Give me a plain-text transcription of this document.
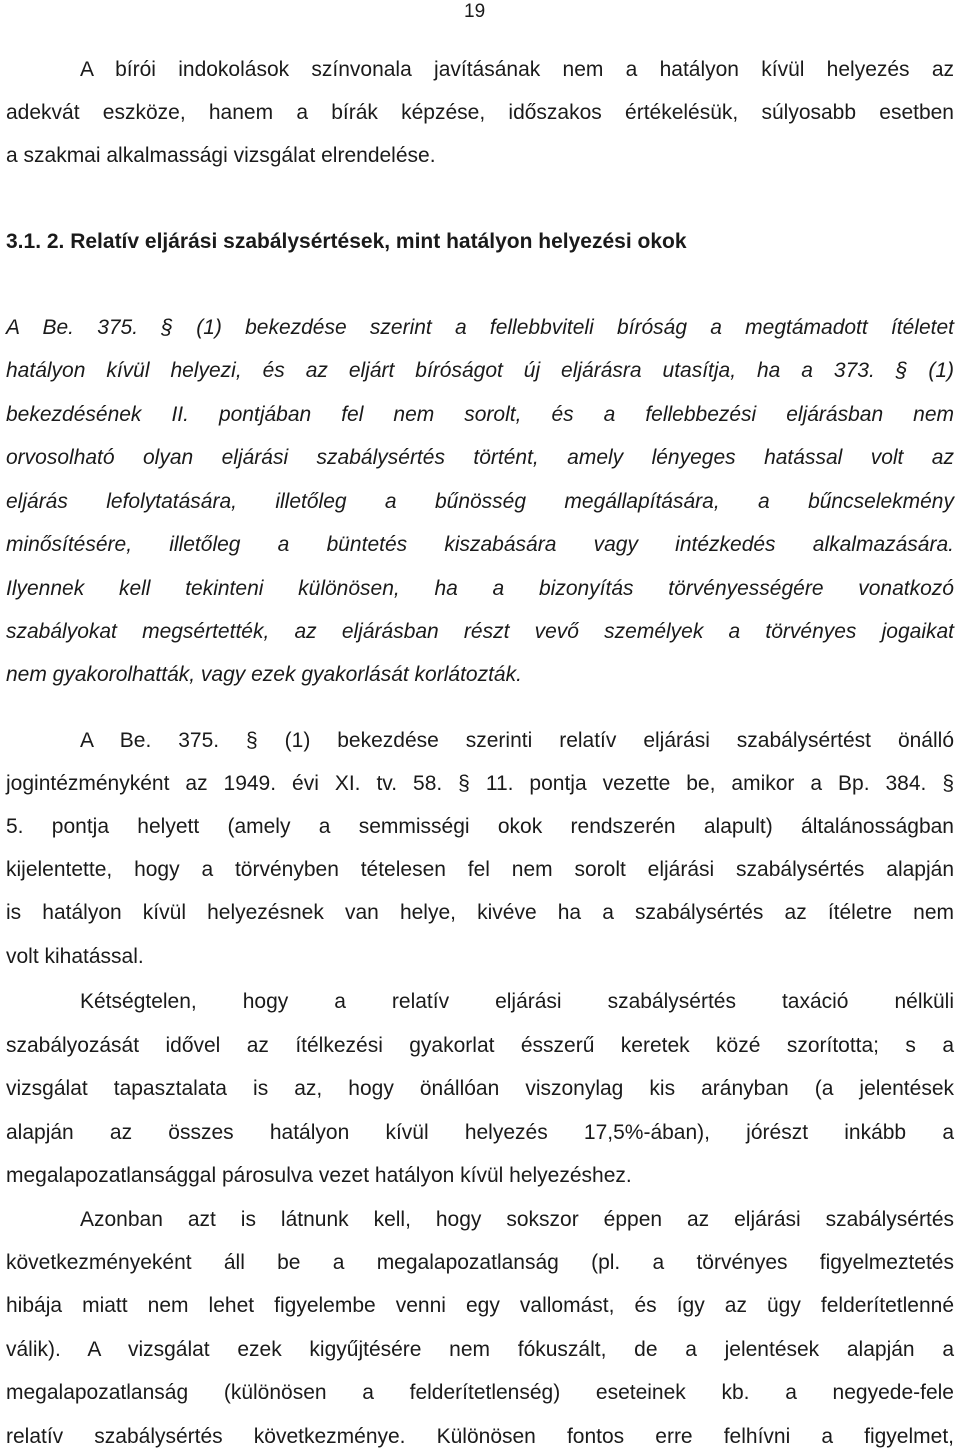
19
A bírói indokolások színvonala javításának nem a hatályon kívül helyezés az
adekvát eszköze, hanem a bírák képzése, időszakos értékelésük, súlyosabb esetben
a szakmai alkalmassági vizsgálat elrendelése.
3.1. 2. Relatív eljárási szabálysértések, mint hatályon helyezési okok
A Be. 375. § (1) bekezdése szerint a fellebbviteli bíróság a megtámadott ítéletet
hatályon kívül helyezi, és az eljárt bíróságot új eljárásra utasítja, ha a 373. § (1)
bekezdésének II. pontjában fel nem sorolt, és a fellebbezési eljárásban nem
orvosolható olyan eljárási szabálysértés történt, amely lényeges hatással volt az
eljárás lefolytatására, illetőleg a bűnösség megállapítására, a bűncselekmény
minősítésére, illetőleg a büntetés kiszabására vagy intézkedés alkalmazására.
Ilyennek kell tekinteni különösen, ha a bizonyítás törvényességére vonatkozó
szabályokat megsértették, az eljárásban részt vevő személyek a törvényes jogaikat
nem gyakorolhatták, vagy ezek gyakorlását korlátozták.
A Be. 375. § (1) bekezdése szerinti relatív eljárási szabálysértést önálló
jogintézményként az 1949. évi XI. tv. 58. § 11. pontja vezette be, amikor a Bp. 384. §
5. pontja helyett (amely a semmisségi okok rendszerén alapult) általánosságban
kijelentette, hogy a törvényben tételesen fel nem sorolt eljárási szabálysértés alapján
is hatályon kívül helyezésnek van helye, kivéve ha a szabálysértés az ítéletre nem
volt kihatással.
Kétségtelen, hogy a relatív eljárási szabálysértés taxáció nélküli
szabályozását idővel az ítélkezési gyakorlat ésszerű keretek közé szorította; s a
vizsgálat tapasztalata is az, hogy önállóan viszonylag kis arányban (a jelentések
alapján az összes hatályon kívül helyezés 17,5%-ában), jórészt inkább a
megalapozatlansággal párosulva vezet hatályon kívül helyezéshez.
Azonban azt is látnunk kell, hogy sokszor éppen az eljárási szabálysértés
következményeként áll be a megalapozatlanság (pl. a törvényes figyelmeztetés
hibája miatt nem lehet figyelembe venni egy vallomást, és így az ügy felderítetlenné
válik). A vizsgálat ezek kigyűjtésére nem fókuszált, de a jelentések alapján a
megalapozatlanság (különösen a felderítetlenség) eseteinek kb. a negyede-fele
relatív szabálysértés következménye. Különösen fontos erre felhívni a figyelmet,
